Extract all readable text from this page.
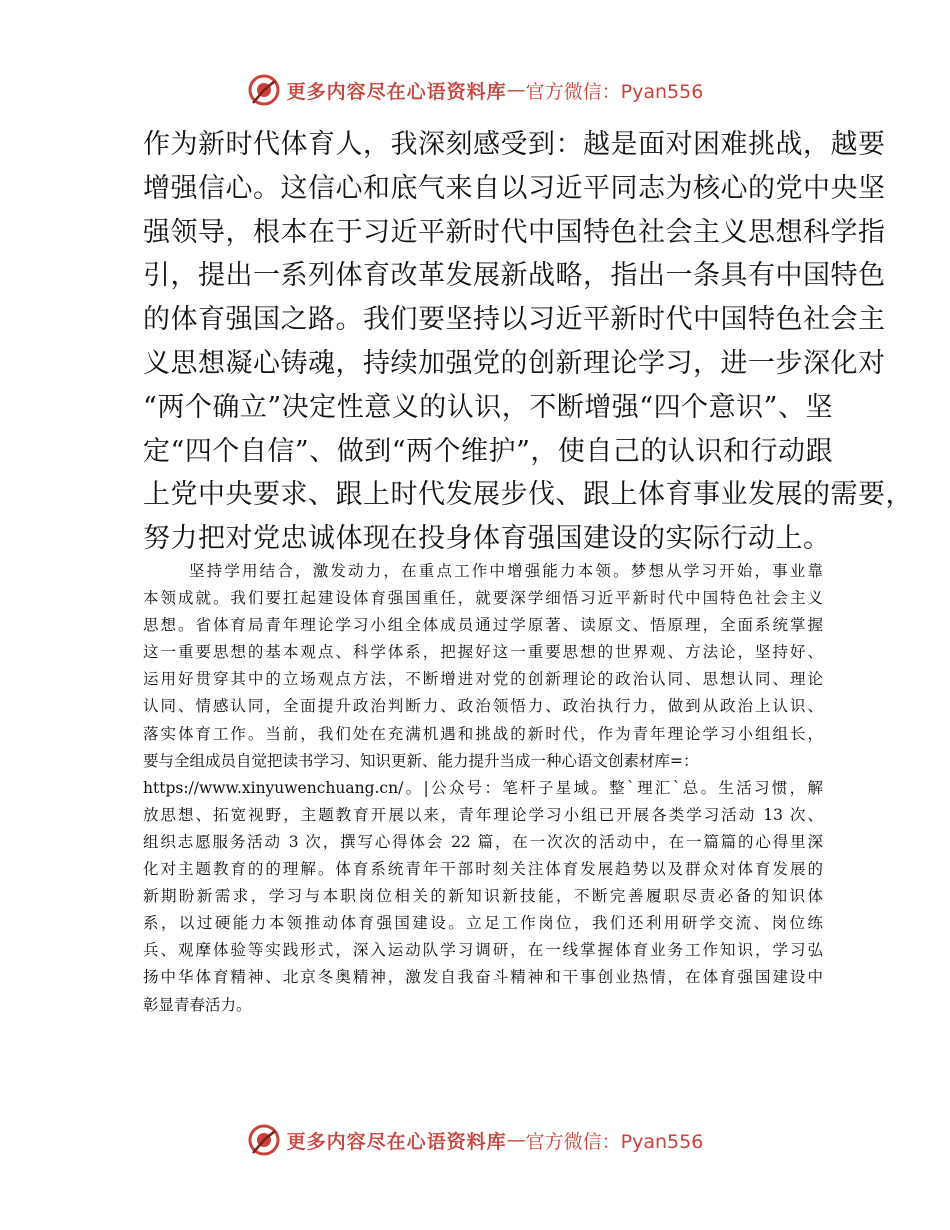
更多内容尽在心语资料库 — 官方微信：Pyan556
作为新时代体育人，我深刻感受到：越是面对困难挑战，越要
增强信心。这信心和底气来自以习近平同志为核心的党中央坚
强领导，根本在于习近平新时代中国特色社会主义思想科学指
引，提出一系列体育改革发展新战略，指出一条具有中国特色
的体育强国之路。我们要坚持以习近平新时代中国特色社会主
义思想凝心铸魂，持续加强党的创新理论学习，进一步深化对
“两个确立”决定性意义的认识，不断增强“四个意识”、坚
定“四个自信”、做到“两个维护”，使自己的认识和行动跟
上党中央要求、跟上时代发展步伐、跟上体育事业发展的需要，
努力把对党忠诚体现在投身体育强国建设的实际行动上。
坚持学用结合，激发动力，在重点工作中增强能力本领。梦想从学习开始，事业靠
本领成就。我们要扛起建设体育强国重任，就要深学细悟习近平新时代中国特色社会主义
思想。省体育局青年理论学习小组全体成员通过学原著、读原文、悟原理，全面系统掌握
这一重要思想的基本观点、科学体系，把握好这一重要思想的世界观、方法论，坚持好、
运用好贯穿其中的立场观点方法，不断增进对党的创新理论的政治认同、思想认同、理论
认同、情感认同，全面提升政治判断力、政治领悟力、政治执行力，做到从政治上认识、
落实体育工作。当前，我们处在充满机遇和挑战的新时代，作为青年理论学习小组组长，
要与全组成员自觉把读书学习、知识更新、能力提升当成一种心语文创素材库=：
https://www.xinyuwenchuang.cn/。|公众号：笔杆子星域。整`理汇`总。生活习惯，解
放思想、拓宽视野，主题教育开展以来，青年理论学习小组已开展各类学习活动 13 次、
组织志愿服务活动 3 次，撰写心得体会 22 篇，在一次次的活动中，在一篇篇的心得里深
化对主题教育的的理解。体育系统青年干部时刻关注体育发展趋势以及群众对体育发展的
新期盼新需求，学习与本职岗位相关的新知识新技能，不断完善履职尽责必备的知识体
系，以过硬能力本领推动体育强国建设。立足工作岗位，我们还利用研学交流、岗位练
兵、观摩体验等实践形式，深入运动队学习调研，在一线掌握体育业务工作知识，学习弘
扬中华体育精神、北京冬奥精神，激发自我奋斗精神和干事创业热情，在体育强国建设中
彰显青春活力。
更多内容尽在心语资料库 — 官方微信：Pyan556
